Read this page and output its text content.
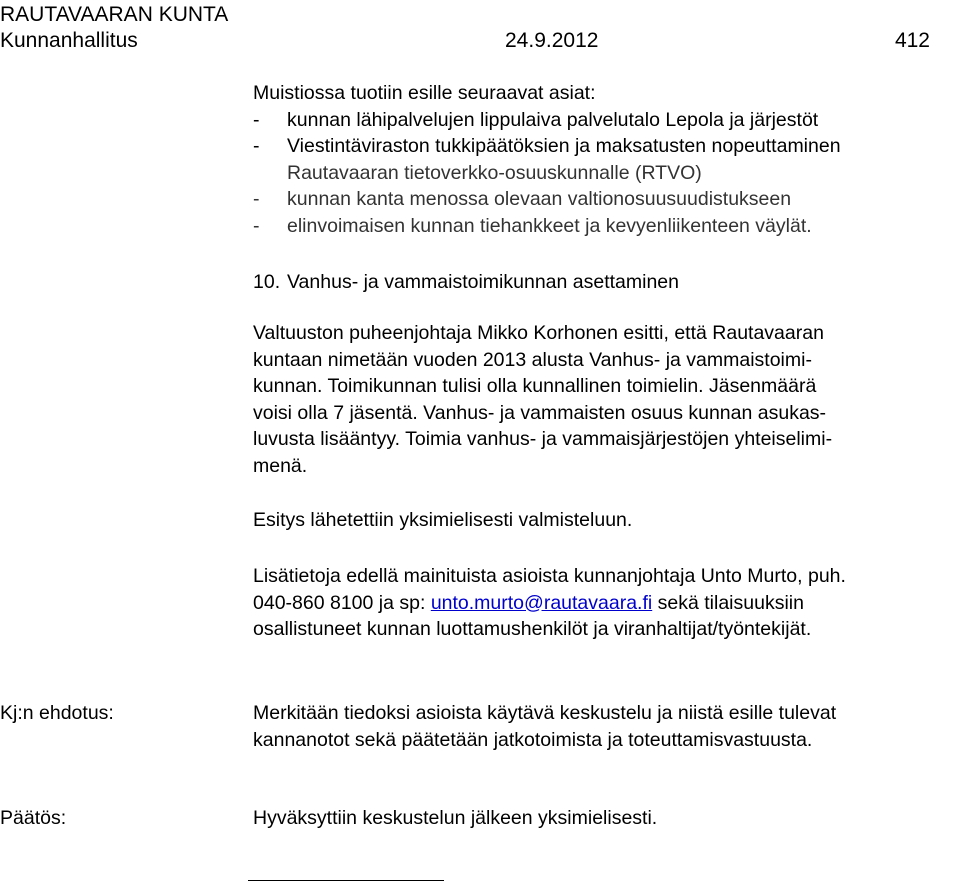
RAUTAVAARAN KUNTA
Kunnanhallitus	24.9.2012	412
Muistiossa tuotiin esille seuraavat asiat:
- kunnan lähipalvelujen lippulaiva palvelutalo Lepola ja järjestöt
- Viestintäviraston tukkipäätöksien ja maksatusten nopeuttaminen
Rautavaaran tietoverkko-osuuskunnalle (RTVO)
- kunnan kanta menossa olevaan valtionosuusuudistukseen
- elinvoimaisen kunnan tiehankkeet ja kevyenliikenteen väylät.
10. Vanhus- ja vammaistoimikunnan asettaminen
Valtuuston puheenjohtaja Mikko Korhonen esitti, että Rautavaaran
kuntaan nimetään vuoden 2013 alusta Vanhus- ja vammaistoimi-
kunnan. Toimikunnan tulisi olla kunnallinen toimielin. Jäsenmäärä
voisi olla 7 jäsentä. Vanhus- ja vammaisten osuus kunnan asukas-
luvusta lisääntyy. Toimia vanhus- ja vammaisjärjestöjen yhteiselimi-
menä.
Esitys lähetettiin yksimielisesti valmisteluun.
Lisätietoja edellä mainituista asioista kunnanjohtaja Unto Murto, puh.
040-860 8100 ja sp: unto.murto@rautavaara.fi sekä tilaisuuksiin
osallistuneet kunnan luottamushenkilöt ja viranhaltijat/työntekijät.
Kj:n ehdotus:	Merkitään tiedoksi asioista käytävä keskustelu ja niistä esille tulevat
kannanotot sekä päätetään jatkotoimista ja toteuttamisvastuusta.
Päätös:	Hyväksyttiin keskustelun jälkeen yksimielisesti.
